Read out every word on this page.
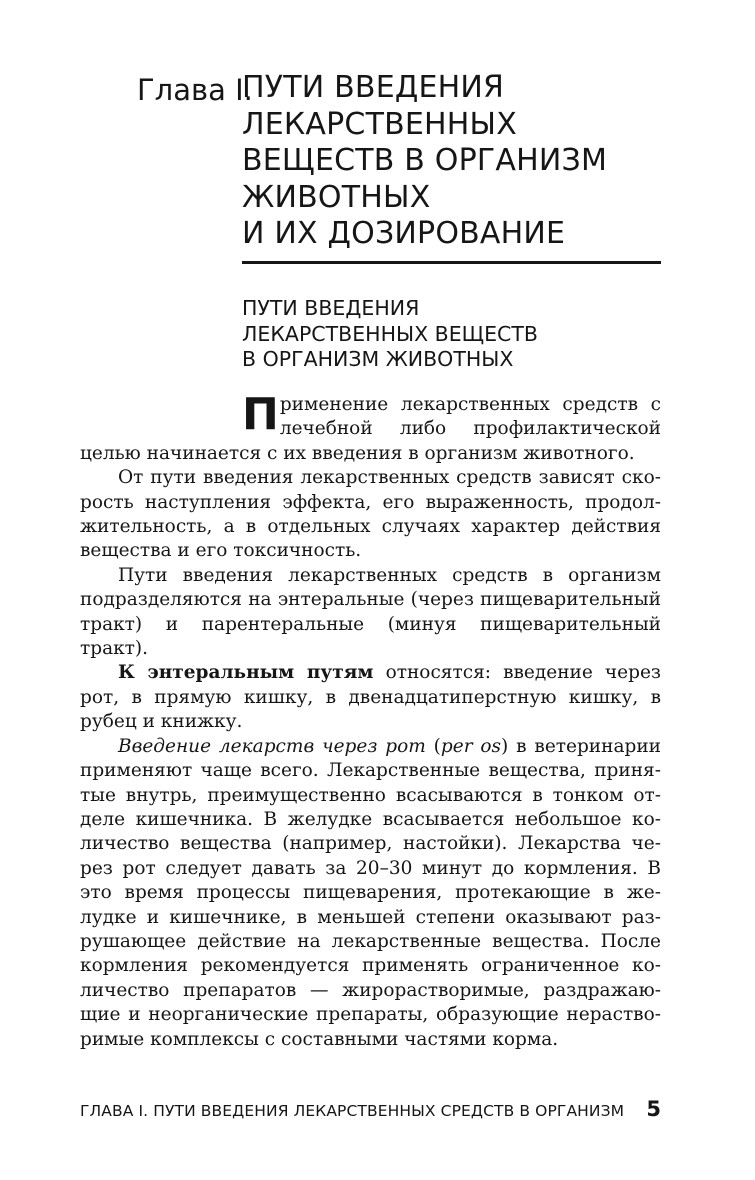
Глава I.
ПУТИ ВВЕДЕНИЯ
ЛЕКАРСТВЕННЫХ
ВЕЩЕСТВ В ОРГАНИЗМ
ЖИВОТНЫХ
И ИХ ДОЗИРОВАНИЕ
ПУТИ ВВЕДЕНИЯ
ЛЕКАРСТВЕННЫХ ВЕЩЕСТВ
В ОРГАНИЗМ ЖИВОТНЫХ

Применение лекарственных средств с лечебной либо профилактической целью начинается с их введения в организм животного.

От пути введения лекарственных средств зависят скорость наступления эффекта, его выраженность, продолжительность, а в отдельных случаях характер действия вещества и его токсичность.

Пути введения лекарственных средств в организм подразделяются на энтеральные (через пищеварительный тракт) и парентеральные (минуя пищеварительный тракт).

К энтеральным путям относятся: введение через рот, в прямую кишку, в двенадцатиперстную кишку, в рубец и книжку.

Введение лекарств через рот (per os) в ветеринарии применяют чаще всего. Лекарственные вещества, принятые внутрь, преимущественно всасываются в тонком отделе кишечника. В желудке всасывается небольшое количество вещества (например, настойки). Лекарства через рот следует давать за 20–30 минут до кормления. В это время процессы пищеварения, протекающие в желудке и кишечнике, в меньшей степени оказывают разрушающее действие на лекарственные вещества. После кормления рекомендуется применять ограниченное количество препаратов — жирорастворимые, раздражающие и неорганические препараты, образующие нерастворимые комплексы с составными частями корма.

ГЛАВА I. ПУТИ ВВЕДЕНИЯ ЛЕКАРСТВЕННЫХ СРЕДСТВ В ОРГАНИЗМ 5
